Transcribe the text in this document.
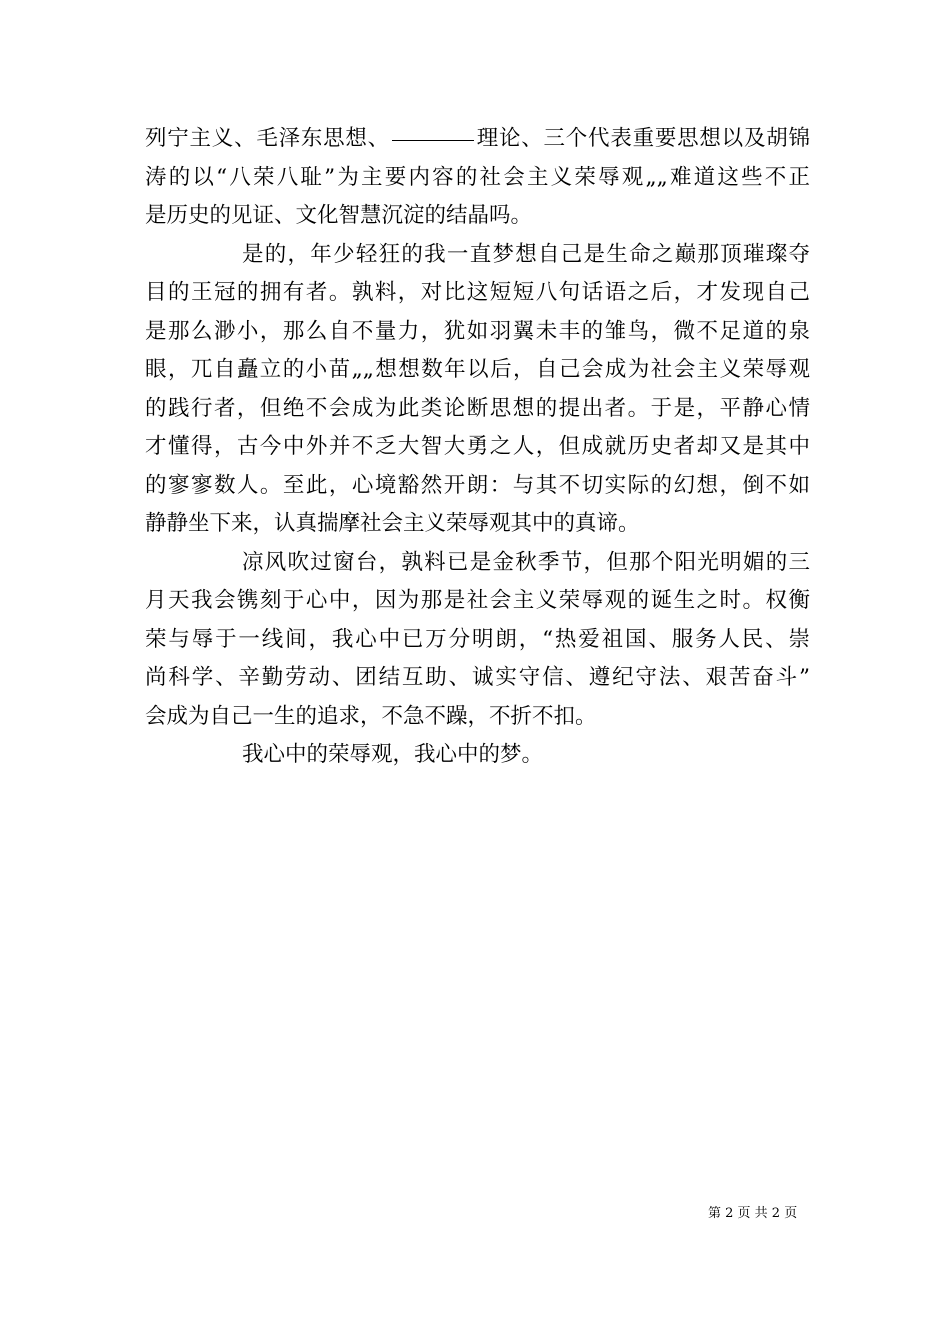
列宁主义、毛泽东思想、	理论、三个代表重要思想以及胡锦
涛的以“八荣八耻”为主要内容的社会主义荣辱观„„难道这些不正
是历史的见证、文化智慧沉淀的结晶吗。
是的，年少轻狂的我一直梦想自己是生命之巅那顶璀璨夺
目的王冠的拥有者。孰料，对比这短短八句话语之后，才发现自己
是那么渺小，那么自不量力，犹如羽翼未丰的雏鸟，微不足道的泉
眼，兀自矗立的小苗„„想想数年以后，自己会成为社会主义荣辱观
的践行者，但绝不会成为此类论断思想的提出者。于是，平静心情
才懂得，古今中外并不乏大智大勇之人，但成就历史者却又是其中
的寥寥数人。至此，心境豁然开朗：与其不切实际的幻想，倒不如
静静坐下来，认真揣摩社会主义荣辱观其中的真谛。
凉风吹过窗台，孰料已是金秋季节，但那个阳光明媚的三
月天我会镌刻于心中，因为那是社会主义荣辱观的诞生之时。权衡
荣与辱于一线间，我心中已万分明朗，“热爱祖国、服务人民、崇
尚科学、辛勤劳动、团结互助、诚实守信、遵纪守法、艰苦奋斗”
会成为自己一生的追求，不急不躁，不折不扣。
我心中的荣辱观，我心中的梦。
第 2 页 共 2 页
